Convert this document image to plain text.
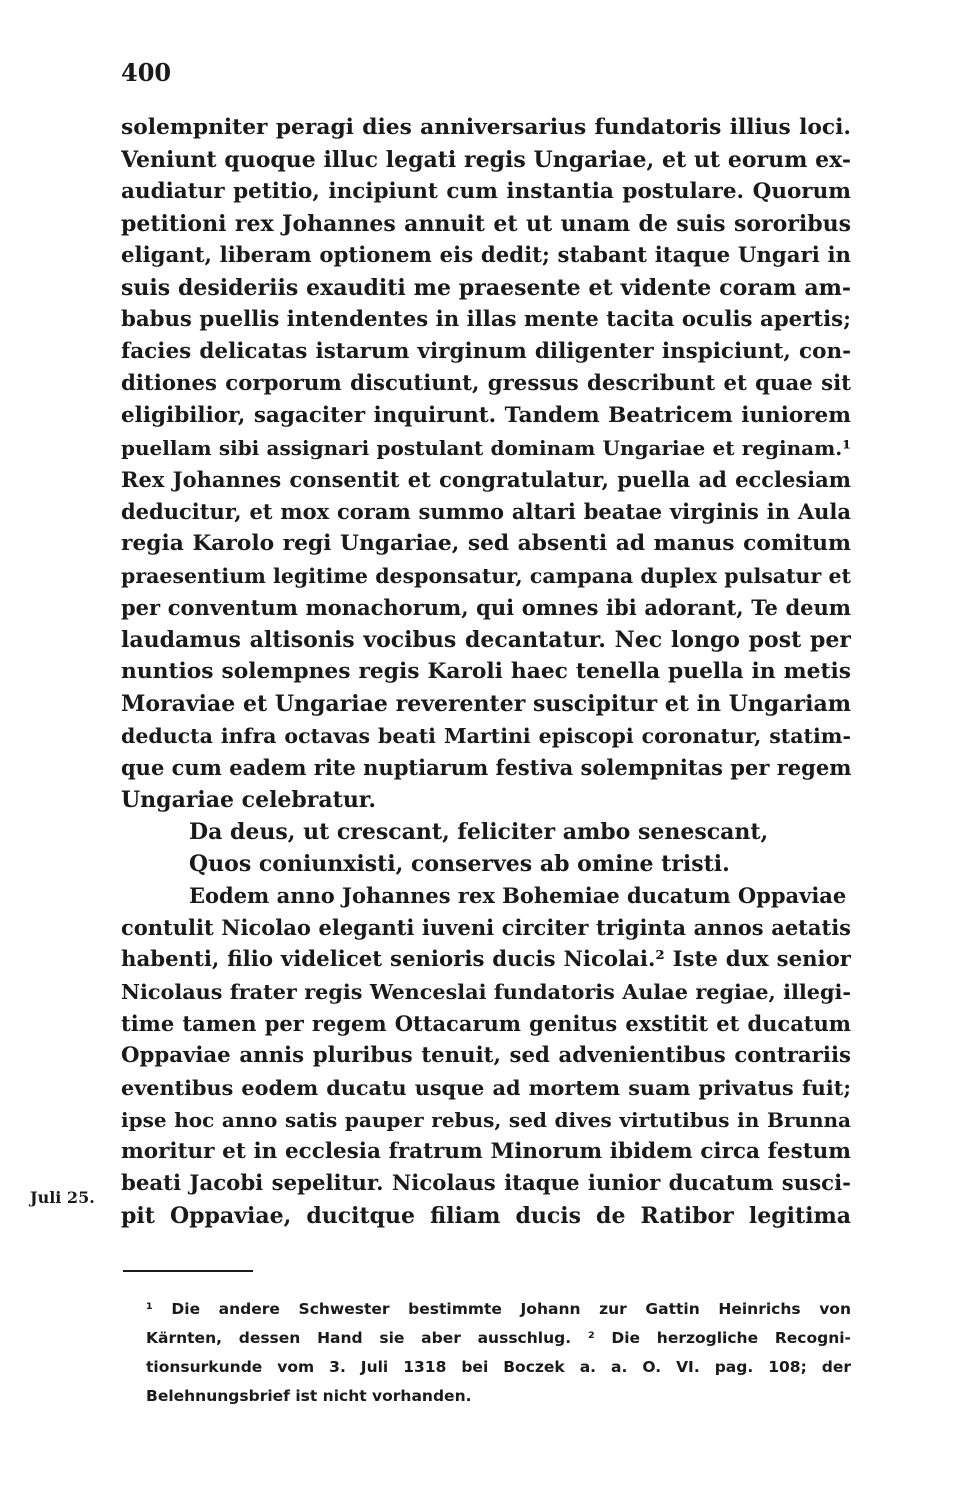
400
solempniter peragi dies anniversarius fundatoris illius loci.
Veniunt quoque illuc legati regis Ungariae, et ut eorum ex-
audiatur petitio, incipiunt cum instantia postulare. Quorum
petitioni rex Johannes annuit et ut unam de suis sororibus
eligant, liberam optionem eis dedit; stabant itaque Ungari in
suis desideriis exauditi me praesente et vidente coram am-
babus puellis intendentes in illas mente tacita oculis apertis;
facies delicatas istarum virginum diligenter inspiciunt, con-
ditiones corporum discutiunt, gressus describunt et quae sit
eligibilior, sagaciter inquirunt. Tandem Beatricem iuniorem
puellam sibi assignari postulant dominam Ungariae et reginam.¹
Rex Johannes consentit et congratulatur, puella ad ecclesiam
deducitur, et mox coram summo altari beatae virginis in Aula
regia Karolo regi Ungariae, sed absenti ad manus comitum
praesentium legitime desponsatur, campana duplex pulsatur et
per conventum monachorum, qui omnes ibi adorant, Te deum
laudamus altisonis vocibus decantatur. Nec longo post per
nuntios solempnes regis Karoli haec tenella puella in metis
Moraviae et Ungariae reverenter suscipitur et in Ungariam
deducta infra octavas beati Martini episcopi coronatur, statim-
que cum eadem rite nuptiarum festiva solempnitas per regem
Ungariae celebratur.
Da deus, ut crescant, feliciter ambo senescant,
Quos coniunxisti, conserves ab omine tristi.
Eodem anno Johannes rex Bohemiae ducatum Oppaviae
contulit Nicolao eleganti iuveni circiter triginta annos aetatis
habenti, filio videlicet senioris ducis Nicolai.² Iste dux senior
Nicolaus frater regis Wenceslai fundatoris Aulae regiae, illegi-
time tamen per regem Ottacarum genitus exstitit et ducatum
Oppaviae annis pluribus tenuit, sed advenientibus contrariis
eventibus eodem ducatu usque ad mortem suam privatus fuit;
ipse hoc anno satis pauper rebus, sed dives virtutibus in Brunna
moritur et in ecclesia fratrum Minorum ibidem circa festum
beati Jacobi sepelitur. Nicolaus itaque iunior ducatum susci-
pit Oppaviae, ducitque filiam ducis de Ratibor legitima
Juli 25.
¹ Die andere Schwester bestimmte Johann zur Gattin Heinrichs von
Kärnten, dessen Hand sie aber ausschlug. ² Die herzogliche Recogni-
tionsurkunde vom 3. Juli 1318 bei Boczek a. a. O. VI. pag. 108; der
Belehnungsbrief ist nicht vorhanden.
